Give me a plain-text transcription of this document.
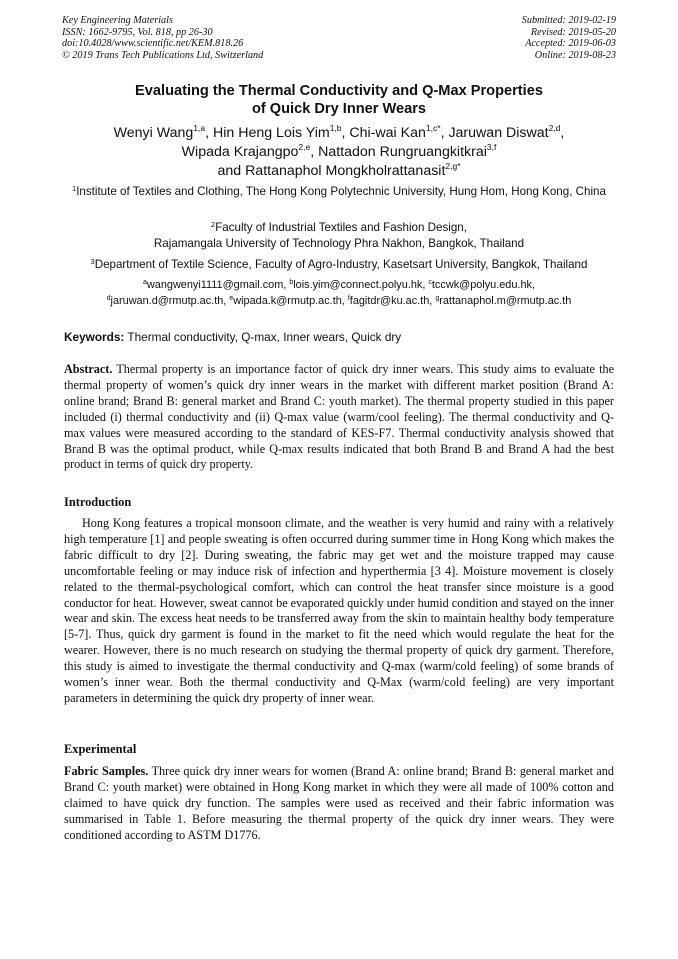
Key Engineering Materials
ISSN: 1662-9795, Vol. 818, pp 26-30
doi:10.4028/www.scientific.net/KEM.818.26
© 2019 Trans Tech Publications Ltd, Switzerland
Submitted: 2019-02-19
Revised: 2019-05-20
Accepted: 2019-06-03
Online: 2019-08-23
Evaluating the Thermal Conductivity and Q-Max Properties
of Quick Dry Inner Wears
Wenyi Wang$^{1,a}$, Hin Heng Lois Yim$^{1,b}$, Chi-wai Kan$^{1,c*}$, Jaruwan Diswat$^{2,d}$,
Wipada Krajangpo$^{2,e}$, Nattadon Rungruangkitkrai$^{3,f}$
and Rattanaphol Mongkholrattanasit$^{2,g*}$
$^1$Institute of Textiles and Clothing, The Hong Kong Polytechnic University, Hung Hom, Hong Kong, China
$^2$Faculty of Industrial Textiles and Fashion Design,
Rajamangala University of Technology Phra Nakhon, Bangkok, Thailand
$^3$Department of Textile Science, Faculty of Agro-Industry, Kasetsart University, Bangkok, Thailand
$^a$wangwenyi1111@gmail.com, $^b$lois.yim@connect.polyu.hk, $^c$tccwk@polyu.edu.hk,
$^d$jaruwan.d@rmutp.ac.th, $^e$wipada.k@rmutp.ac.th, $^f$fagitdr@ku.ac.th, $^g$rattanaphol.m@rmutp.ac.th
Keywords: Thermal conductivity, Q-max, Inner wears, Quick dry
Abstract. Thermal property is an importance factor of quick dry inner wears. This study aims to evaluate the thermal property of women’s quick dry inner wears in the market with different market position (Brand A: online brand; Brand B: general market and Brand C: youth market). The thermal property studied in this paper included (i) thermal conductivity and (ii) Q-max value (warm/cool feeling). The thermal conductivity and Q-max values were measured according to the standard of KES-F7. Thermal conductivity analysis showed that Brand B was the optimal product, while Q-max results indicated that both Brand B and Brand A had the best product in terms of quick dry property.
Introduction
Hong Kong features a tropical monsoon climate, and the weather is very humid and rainy with a relatively high temperature [1] and people sweating is often occurred during summer time in Hong Kong which makes the fabric difficult to dry [2]. During sweating, the fabric may get wet and the moisture trapped may cause uncomfortable feeling or may induce risk of infection and hyperthermia [3 4]. Moisture movement is closely related to the thermal-psychological comfort, which can control the heat transfer since moisture is a good conductor for heat. However, sweat cannot be evaporated quickly under humid condition and stayed on the inner wear and skin. The excess heat needs to be transferred away from the skin to maintain healthy body temperature [5-7]. Thus, quick dry garment is found in the market to fit the need which would regulate the heat for the wearer. However, there is no much research on studying the thermal property of quick dry garment. Therefore, this study is aimed to investigate the thermal conductivity and Q-max (warm/cold feeling) of some brands of women’s inner wear. Both the thermal conductivity and Q-Max (warm/cold feeling) are very important parameters in determining the quick dry property of inner wear.
Experimental
Fabric Samples. Three quick dry inner wears for women (Brand A: online brand; Brand B: general market and Brand C: youth market) were obtained in Hong Kong market in which they were all made of 100% cotton and claimed to have quick dry function. The samples were used as received and their fabric information was summarised in Table 1. Before measuring the thermal property of the quick dry inner wears. They were conditioned according to ASTM D1776.
